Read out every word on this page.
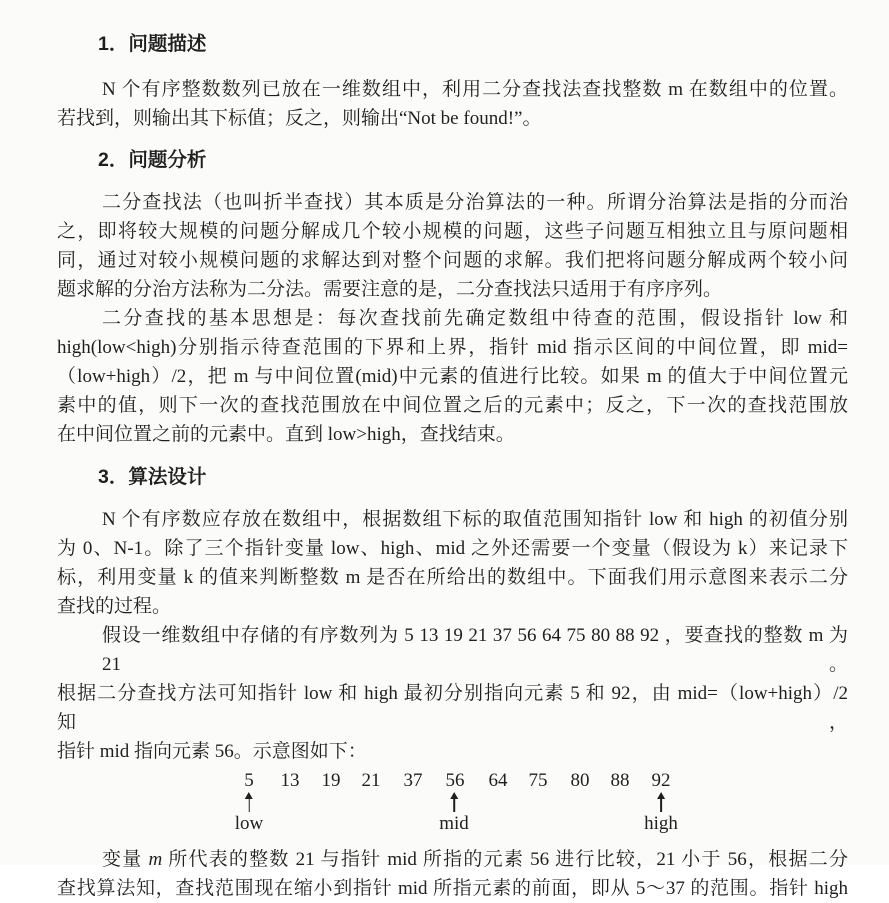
1．问题描述
N 个有序整数数列已放在一维数组中，利用二分查找法查找整数 m 在数组中的位置。
若找到，则输出其下标值；反之，则输出“Not be found!”。
2．问题分析
二分查找法（也叫折半查找）其本质是分治算法的一种。所谓分治算法是指的分而治
之，即将较大规模的问题分解成几个较小规模的问题，这些子问题互相独立且与原问题相
同，通过对较小规模问题的求解达到对整个问题的求解。我们把将问题分解成两个较小问
题求解的分治方法称为二分法。需要注意的是，二分查找法只适用于有序序列。
二分查找的基本思想是：每次查找前先确定数组中待查的范围，假设指针 low 和
high(low<high)分别指示待查范围的下界和上界，指针 mid 指示区间的中间位置，即 mid=
（low+high）/2，把 m 与中间位置(mid)中元素的值进行比较。如果 m 的值大于中间位置元
素中的值，则下一次的查找范围放在中间位置之后的元素中；反之，下一次的查找范围放
在中间位置之前的元素中。直到 low>high，查找结束。
3．算法设计
N 个有序数应存放在数组中，根据数组下标的取值范围知指针 low 和 high 的初值分别
为 0、N-1。除了三个指针变量 low、high、mid 之外还需要一个变量（假设为 k）来记录下
标，利用变量 k 的值来判断整数 m 是否在所给出的数组中。下面我们用示意图来表示二分
查找的过程。
假设一维数组中存储的有序数列为 5 13 19 21 37 56 64 75 80 88 92 ，要查找的整数 m 为 21。
根据二分查找方法可知指针 low 和 high 最初分别指向元素 5 和 92，由 mid=（low+high）/2 知，
指针 mid 指向元素 56。示意图如下：
5 13 19 21 37 56 64 75 80 88 92
low	mid	high
变量 m 所代表的整数 21 与指针 mid 所指的元素 56 进行比较，21 小于 56，根据二分
查找算法知，查找范围现在缩小到指针 mid 所指元素的前面，即从 5～37 的范围。指针 high
